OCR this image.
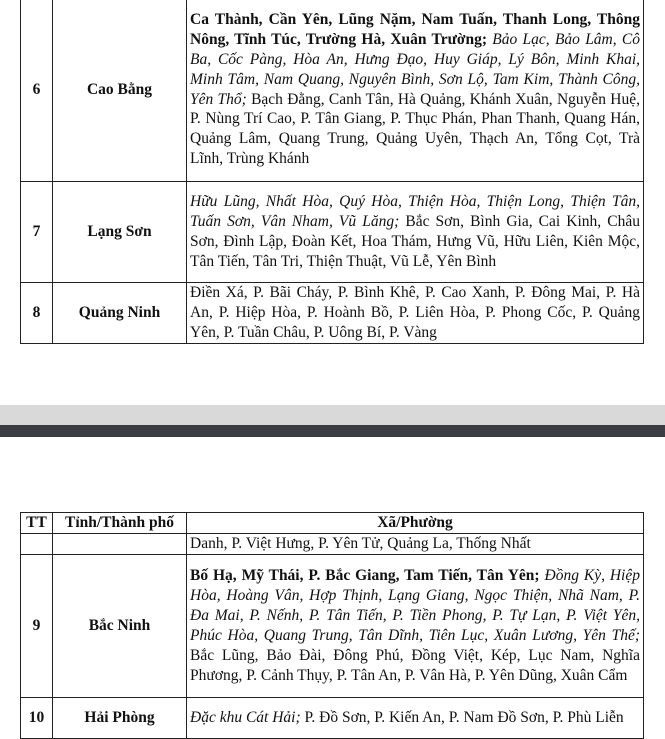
6	Cao Bằng	Ca Thành, Cần Yên, Lũng Nặm, Nam Tuấn, Thanh Long, Thông Nông, Tĩnh Túc, Trường Hà, Xuân Trường; Bảo Lạc, Bảo Lâm, Cô Ba, Cốc Pàng, Hòa An, Hưng Đạo, Huy Giáp, Lý Bôn, Minh Khai, Minh Tâm, Nam Quang, Nguyên Bình, Sơn Lộ, Tam Kim, Thành Công, Yên Thổ; Bạch Đằng, Canh Tân, Hà Quảng, Khánh Xuân, Nguyễn Huệ, P. Nùng Trí Cao, P. Tân Giang, P. Thục Phán, Phan Thanh, Quang Hán, Quảng Lâm, Quang Trung, Quảng Uyên, Thạch An, Tổng Cọt, Trà Lĩnh, Trùng Khánh
7	Lạng Sơn	Hữu Lũng, Nhất Hòa, Quý Hòa, Thiện Hòa, Thiện Long, Thiện Tân, Tuấn Sơn, Vân Nham, Vũ Lăng; Bắc Sơn, Bình Gia, Cai Kinh, Châu Sơn, Đình Lập, Đoàn Kết, Hoa Thám, Hưng Vũ, Hữu Liên, Kiên Mộc, Tân Tiến, Tân Tri, Thiện Thuật, Vũ Lễ, Yên Bình
8	Quảng Ninh	Điền Xá, P. Bãi Cháy, P. Bình Khê, P. Cao Xanh, P. Đông Mai, P. Hà An, P. Hiệp Hòa, P. Hoành Bồ, P. Liên Hòa, P. Phong Cốc, P. Quảng Yên, P. Tuần Châu, P. Uông Bí, P. Vàng
TT	Tỉnh/Thành phố	Xã/Phường
		Danh, P. Việt Hưng, P. Yên Tử, Quảng La, Thống Nhất
9	Bắc Ninh	Bố Hạ, Mỹ Thái, P. Bắc Giang, Tam Tiến, Tân Yên; Đồng Kỳ, Hiệp Hòa, Hoàng Vân, Hợp Thịnh, Lạng Giang, Ngọc Thiện, Nhã Nam, P. Đa Mai, P. Nếnh, P. Tân Tiến, P. Tiền Phong, P. Tự Lạn, P. Việt Yên, Phúc Hòa, Quang Trung, Tân Dĩnh, Tiên Lục, Xuân Lương, Yên Thế; Bắc Lũng, Bảo Đài, Đông Phú, Đồng Việt, Kép, Lục Nam, Nghĩa Phương, P. Cảnh Thụy, P. Tân An, P. Vân Hà, P. Yên Dũng, Xuân Cẩm
10	Hải Phòng	Đặc khu Cát Hải; P. Đồ Sơn, P. Kiến An, P. Nam Đồ Sơn, P. Phù Liễn
